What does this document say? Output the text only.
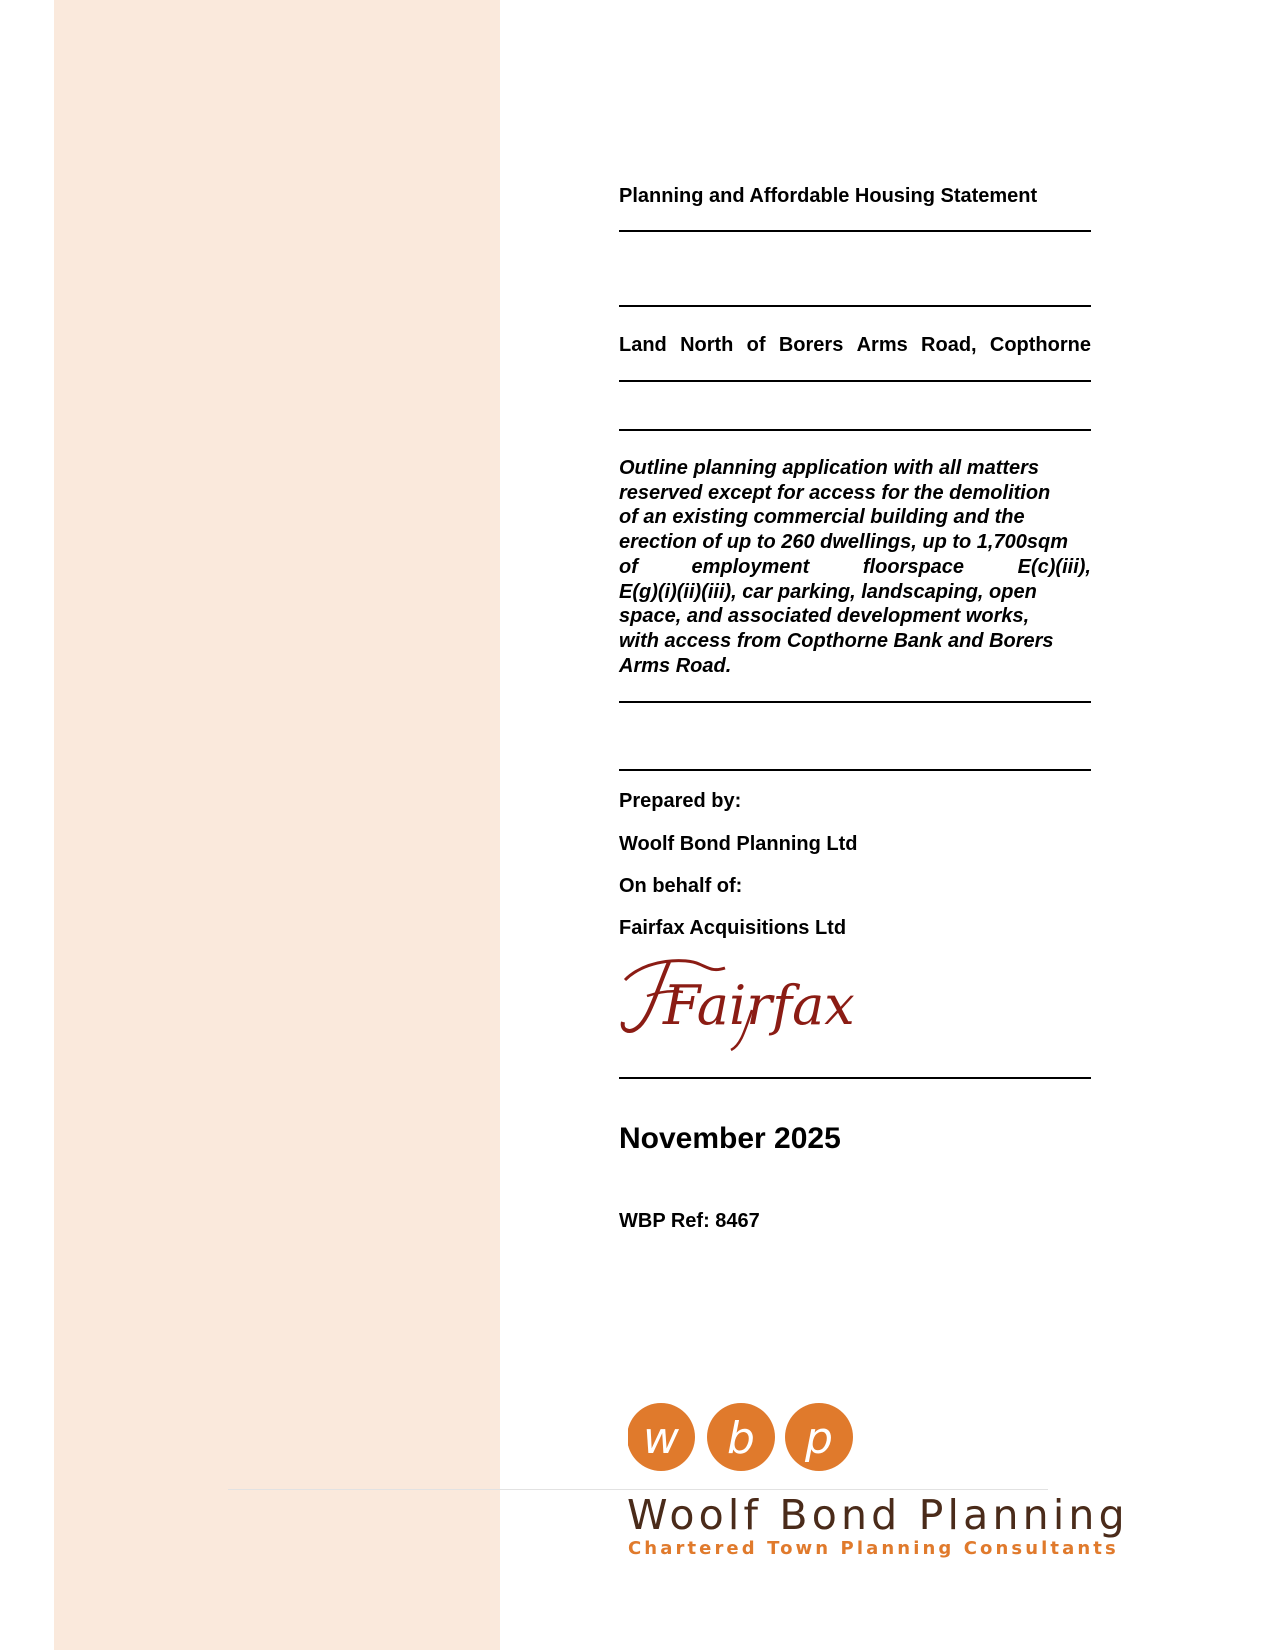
Planning and Affordable Housing Statement

Land North of Borers Arms Road, Copthorne

Outline planning application with all matters
reserved except for access for the demolition
of an existing commercial building and the
erection of up to 260 dwellings, up to 1,700sqm
of	employment	floorspace	E(c)(iii),
E(g)(i)(ii)(iii), car parking, landscaping, open
space, and associated development works,
with access from Copthorne Bank and Borers
Arms Road.

Prepared by:

Woolf Bond Planning Ltd

On behalf of:

Fairfax Acquisitions Ltd

Fairfax

November 2025

WBP Ref: 8467

w b p

Woolf Bond Planning

Chartered Town Planning Consultants
